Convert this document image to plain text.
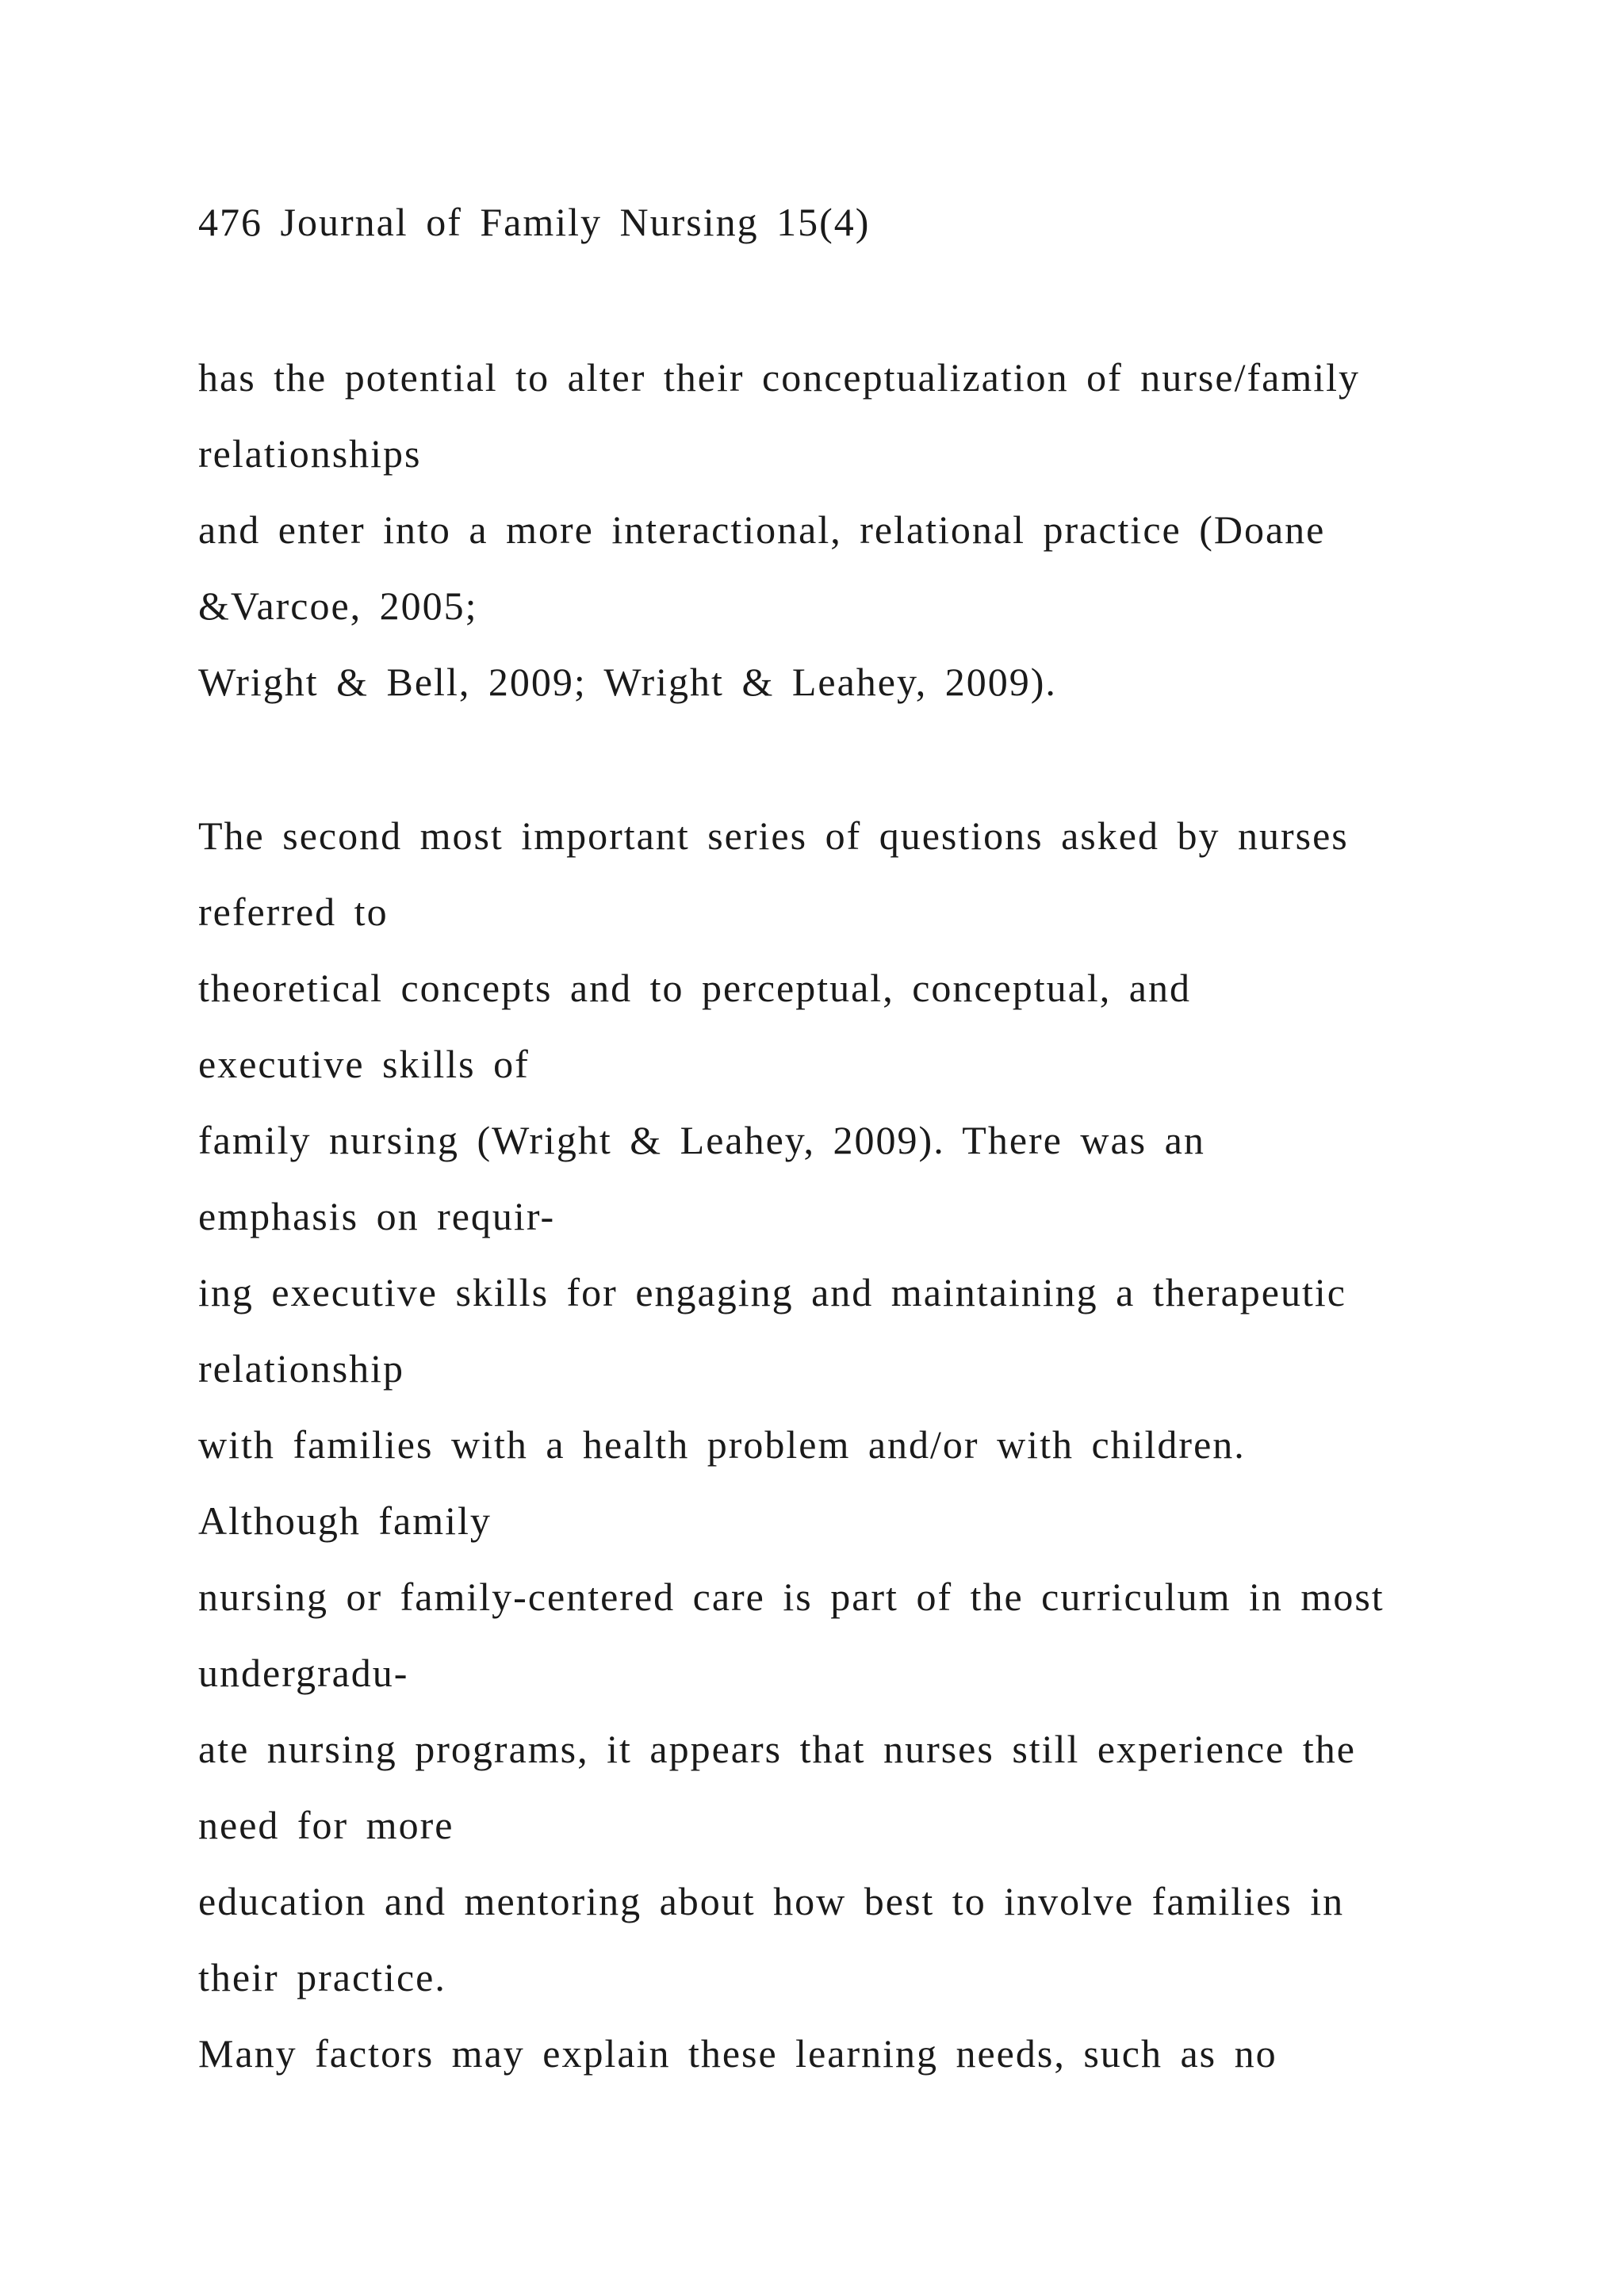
476 Journal of Family Nursing 15(4)
has the potential to alter their conceptualization of nurse/family
relationships
and enter into a more interactional, relational practice (Doane
&Varcoe, 2005;
Wright & Bell, 2009; Wright & Leahey, 2009).
The second most important series of questions asked by nurses
referred to
theoretical concepts and to perceptual, conceptual, and
executive skills of
family nursing (Wright & Leahey, 2009). There was an
emphasis on requir-
ing executive skills for engaging and maintaining a therapeutic
relationship
with families with a health problem and/or with children.
Although family
nursing or family-centered care is part of the curriculum in most
undergradu-
ate nursing programs, it appears that nurses still experience the
need for more
education and mentoring about how best to involve families in
their practice.
Many factors may explain these learning needs, such as no
